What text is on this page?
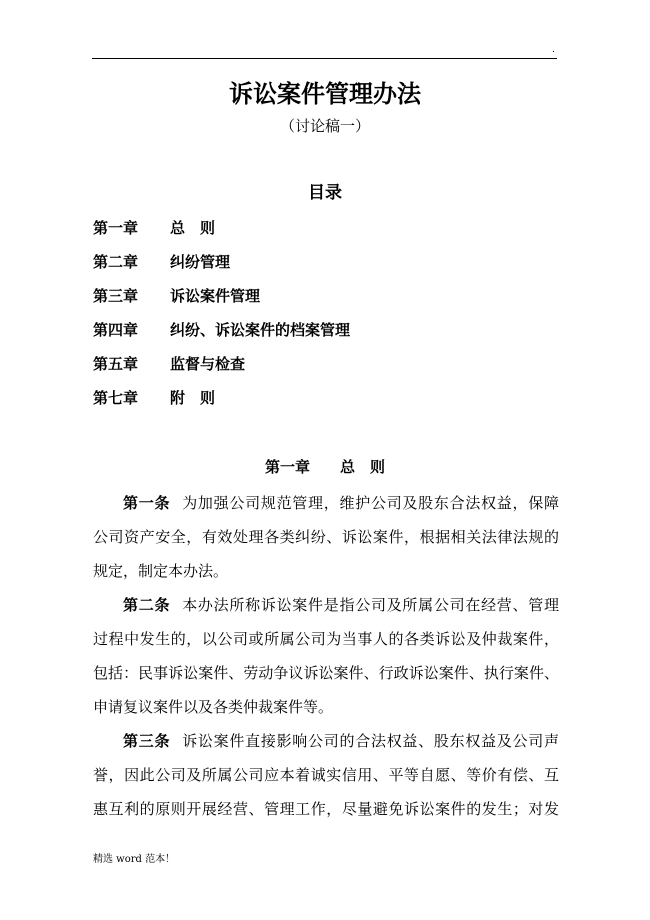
.
诉讼案件管理办法
（讨论稿一）
目录
第一章 总　则
第二章 纠纷管理
第三章 诉讼案件管理
第四章 纠纷、诉讼案件的档案管理
第五章 监督与检查
第七章 附　则
第一章　　总　则
第一条 为加强公司规范管理，维护公司及股东合法权益，保障
公司资产安全，有效处理各类纠纷、诉讼案件，根据相关法律法规的
规定，制定本办法。
第二条 本办法所称诉讼案件是指公司及所属公司在经营、管理
过程中发生的，以公司或所属公司为当事人的各类诉讼及仲裁案件，
包括：民事诉讼案件、劳动争议诉讼案件、行政诉讼案件、执行案件、
申请复议案件以及各类仲裁案件等。
第三条 诉讼案件直接影响公司的合法权益、股东权益及公司声
誉，因此公司及所属公司应本着诚实信用、平等自愿、等价有偿、互
惠互利的原则开展经营、管理工作，尽量避免诉讼案件的发生；对发
精选 word 范本！
